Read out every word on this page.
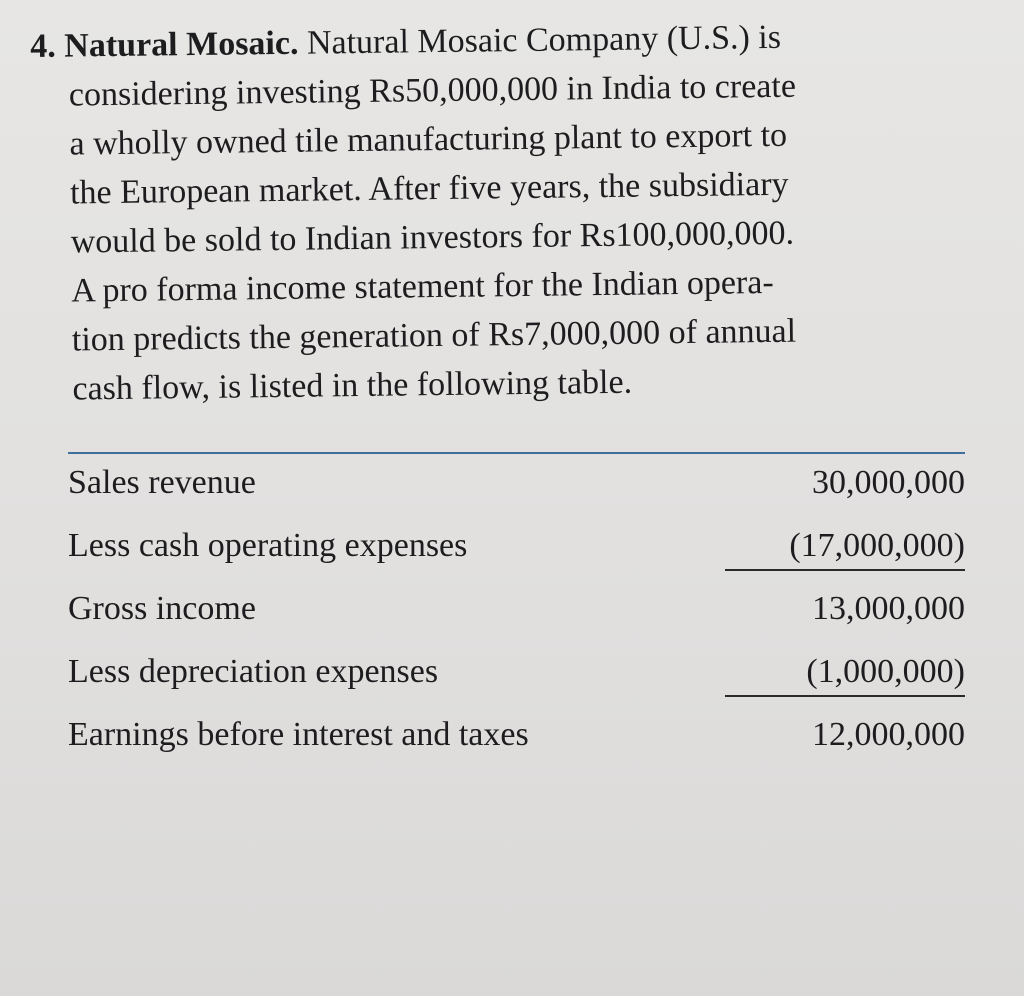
4. Natural Mosaic. Natural Mosaic Company (U.S.) is
considering investing Rs50,000,000 in India to create
a wholly owned tile manufacturing plant to export to
the European market. After five years, the subsidiary
would be sold to Indian investors for Rs100,000,000.
A pro forma income statement for the Indian opera-
tion predicts the generation of Rs7,000,000 of annual
cash flow, is listed in the following table.

Sales revenue	30,000,000
Less cash operating expenses	(17,000,000)
Gross income	13,000,000
Less depreciation expenses	(1,000,000)
Earnings before interest and taxes	12,000,000
